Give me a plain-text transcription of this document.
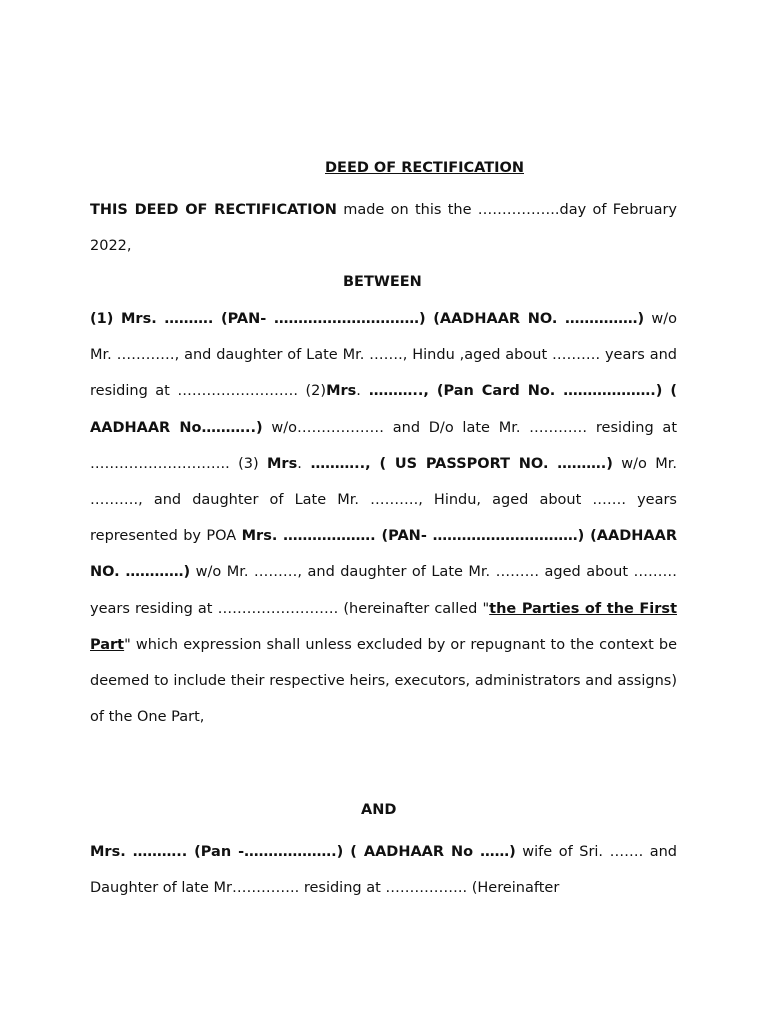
DEED OF RECTIFICATION
THIS DEED OF RECTIFICATION made on this the ……………..day of February 2022,
BETWEEN
(1) Mrs. ………. (PAN- …………………………) (AADHAAR NO. ……………) w/o Mr. …………, and daughter of Late Mr. ……., Hindu ,aged about ………. years and residing at ……………………. (2)Mrs. ……….., (Pan Card No. ……………….) ( AADHAAR No………..) w/o……………… and D/o late Mr. ………… residing at ……………………….. (3) Mrs. ……….., ( US PASSPORT NO. ……….) w/o Mr. ………., and daughter of Late Mr. ………., Hindu, aged about ……. years represented by POA Mrs. ………………. (PAN- …………………………) (AADHAAR NO. …………) w/o Mr. ………, and daughter of Late Mr. ……… aged about ……… years residing at ……………………. (hereinafter called "the Parties of the First Part" which expression shall unless excluded by or repugnant to the context be deemed to include their respective heirs, executors, administrators and assigns) of the One Part,
AND
Mrs. ……….. (Pan -……………….) ( AADHAAR No ……) wife of Sri. ……. and Daughter of late Mr………….. residing at …………….. (Hereinafter
